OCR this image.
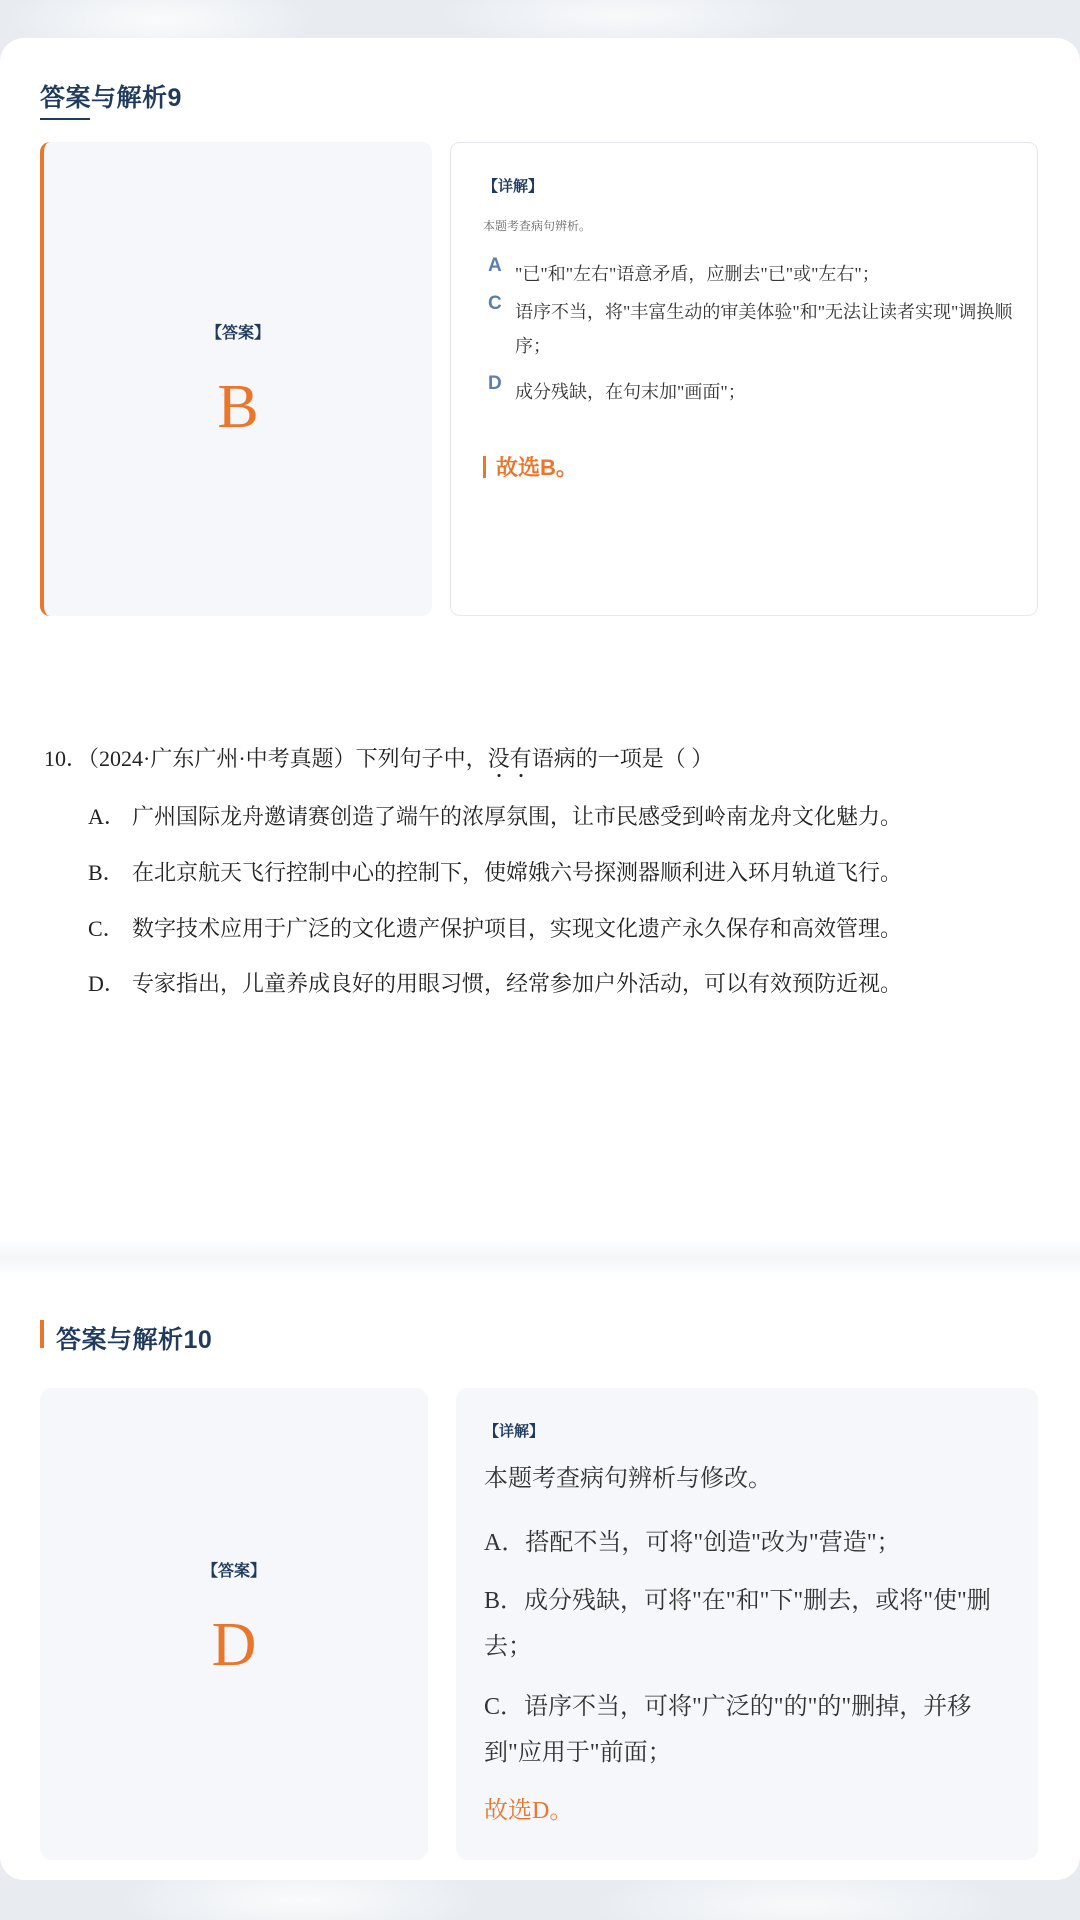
答案与解析9
【答案】
B
【详解】
本题考查病句辨析。
A "已"和"左右"语意矛盾，应删去"已"或"左右"；
C 语序不当，将"丰富生动的审美体验"和"无法让读者实现"调换顺序；
D 成分残缺，在句末加"画面"；
故选B。
10．（2024·广东广州·中考真题）下列句子中，没有语病的一项是（ ）
A． 广州国际龙舟邀请赛创造了端午的浓厚氛围，让市民感受到岭南龙舟文化魅力。
B． 在北京航天飞行控制中心的控制下，使嫦娥六号探测器顺利进入环月轨道飞行。
C． 数字技术应用于广泛的文化遗产保护项目，实现文化遗产永久保存和高效管理。
D． 专家指出，儿童养成良好的用眼习惯，经常参加户外活动，可以有效预防近视。
答案与解析10
【答案】
D
【详解】
本题考查病句辨析与修改。
A．搭配不当，可将"创造"改为"营造"；
B．成分残缺，可将"在"和"下"删去，或将"使"删去；
C．语序不当，可将"广泛的"的"的"删掉，并移到"应用于"前面；
故选D。
